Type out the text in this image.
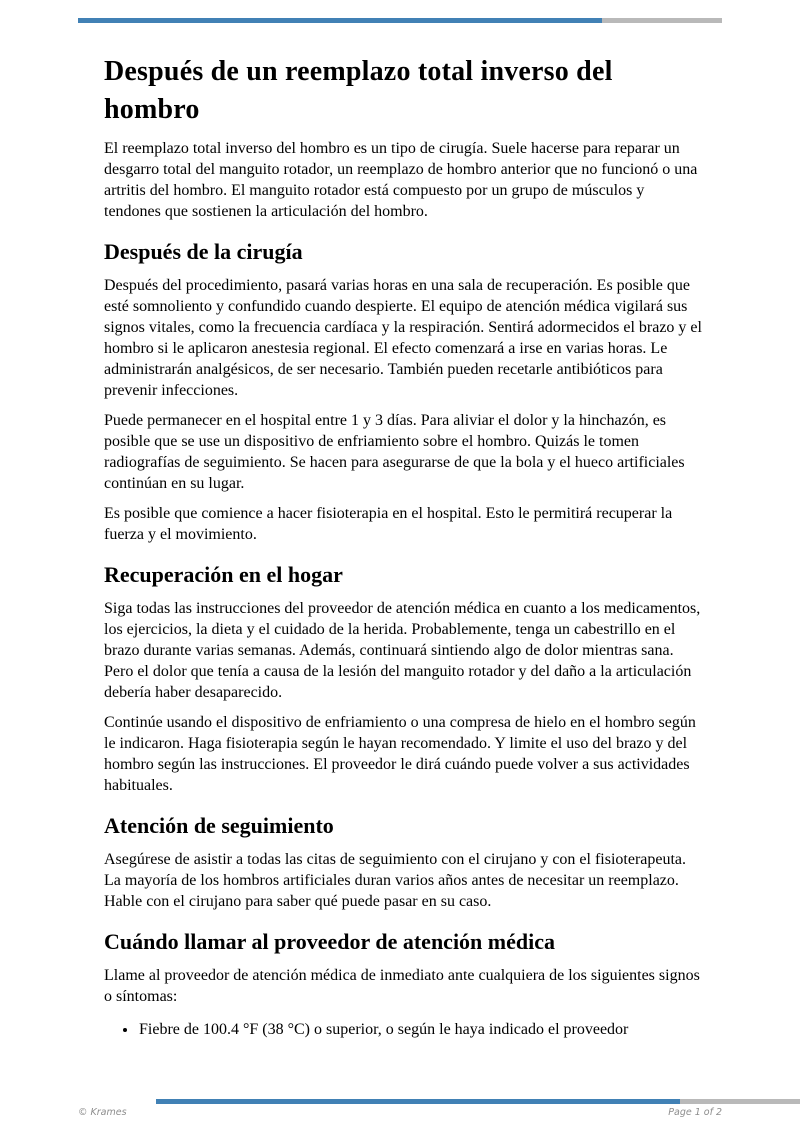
Después de un reemplazo total inverso del hombro

El reemplazo total inverso del hombro es un tipo de cirugía. Suele hacerse para reparar un desgarro total del manguito rotador, un reemplazo de hombro anterior que no funcionó o una artritis del hombro. El manguito rotador está compuesto por un grupo de músculos y tendones que sostienen la articulación del hombro.

Después de la cirugía

Después del procedimiento, pasará varias horas en una sala de recuperación. Es posible que esté somnoliento y confundido cuando despierte. El equipo de atención médica vigilará sus signos vitales, como la frecuencia cardíaca y la respiración. Sentirá adormecidos el brazo y el hombro si le aplicaron anestesia regional. El efecto comenzará a irse en varias horas. Le administrarán analgésicos, de ser necesario. También pueden recetarle antibióticos para prevenir infecciones.

Puede permanecer en el hospital entre 1 y 3 días. Para aliviar el dolor y la hinchazón, es posible que se use un dispositivo de enfriamiento sobre el hombro. Quizás le tomen radiografías de seguimiento. Se hacen para asegurarse de que la bola y el hueco artificiales continúan en su lugar.

Es posible que comience a hacer fisioterapia en el hospital. Esto le permitirá recuperar la fuerza y el movimiento.

Recuperación en el hogar

Siga todas las instrucciones del proveedor de atención médica en cuanto a los medicamentos, los ejercicios, la dieta y el cuidado de la herida. Probablemente, tenga un cabestrillo en el brazo durante varias semanas. Además, continuará sintiendo algo de dolor mientras sana. Pero el dolor que tenía a causa de la lesión del manguito rotador y del daño a la articulación debería haber desaparecido.

Continúe usando el dispositivo de enfriamiento o una compresa de hielo en el hombro según le indicaron. Haga fisioterapia según le hayan recomendado. Y limite el uso del brazo y del hombro según las instrucciones. El proveedor le dirá cuándo puede volver a sus actividades habituales.

Atención de seguimiento

Asegúrese de asistir a todas las citas de seguimiento con el cirujano y con el fisioterapeuta. La mayoría de los hombros artificiales duran varios años antes de necesitar un reemplazo. Hable con el cirujano para saber qué puede pasar en su caso.

Cuándo llamar al proveedor de atención médica

Llame al proveedor de atención médica de inmediato ante cualquiera de los siguientes signos o síntomas:

• Fiebre de 100.4 °F (38 °C) o superior, o según le haya indicado el proveedor
© Krames	Page 1 of 2
